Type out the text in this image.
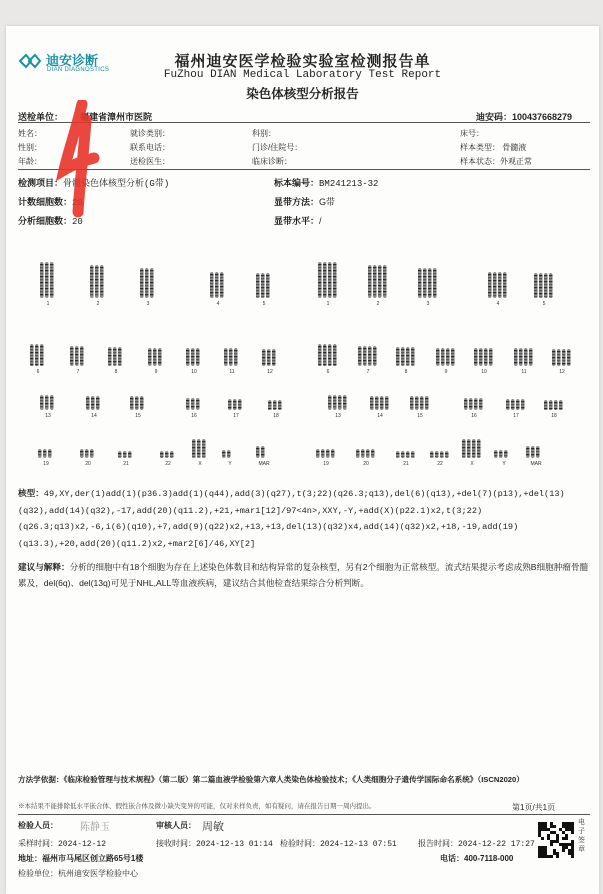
迪安诊断
DIAN DIAGNOSTICS	福州迪安医学检验实验室检测报告单
FuZhou DIAN Medical Laboratory Test Report
染色体核型分析报告
送检单位： 福建省漳州市医院	迪安码：100437668279
姓名：	就诊类别：	科别：	床号：
性别：	联系电话：	门诊/住院号：	样本类型： 骨髓液
年龄：	送检医生：	临床诊断：	样本状态：外观正常
检测项目：骨髓染色体核型分析(G带)
计数细胞数：20
分析细胞数：20
标本编号：BM241213-32
显带方法：G带
显带水平：/
1	1
2	2
3	3
4	4
5	5
6	6
7	7
8	8
9	9
10	10
11	11
12	12
13	13
14	14
15	15
16	16
17	17
18	18
19	19
20	20
21	21
22	22
X	X
Y	Y
MAR	MAR
核型：49,XY,der(1)add(1)(p36.3)add(1)(q44),add(3)(q27),t(3;22)(q26.3;q13),del(6)(q13),+del(7)(p13),+del(13)(q32),add(14)(q32),-17,add(20)(q11.2),+21,+mar1[12]/97<4n>,XXY,-Y,+add(X)(p22.1)x2,t(3;22)(q26.3;q13)x2,-6,i(6)(q10),+7,add(9)(q22)x2,+13,+13,del(13)(q32)x4,add(14)(q32)x2,+18,-19,add(19)(q13.3),+20,add(20)(q11.2)x2,+mar2[6]/46,XY[2]
建议与解释：分析的细胞中有18个细胞为存在上述染色体数目和结构异常的复杂核型，另有2个细胞为正常核型。流式结果提示考虑成熟B细胞肿瘤骨髓累及，del(6q)、del(13q)可见于NHL,ALL等血液疾病，建议结合其他检查结果综合分析判断。
方法学依据：《临床检验管理与技术规程》（第二版）第二篇血液学检验第六章人类染色体检验技术；《人类细胞分子遗传学国际命名系统》（ISCN2020）
※本结果不能排除低水平嵌合体、假性嵌合体及微小缺失变异的可能，仅对来样负责，如有疑问，请在报告日期一周内提出。	第1页/共1页
检验人员： 陈静玉	审核人员： 周敏
采样时间：2024-12-12	接收时间：2024-12-13 01:14 检验时间：2024-12-13 07:51	报告时间：2024-12-22 17:27
地址：福州市马尾区创立路65号1楼	电话：400-7118-000
检验单位：杭州迪安医学检验中心
电子签章
